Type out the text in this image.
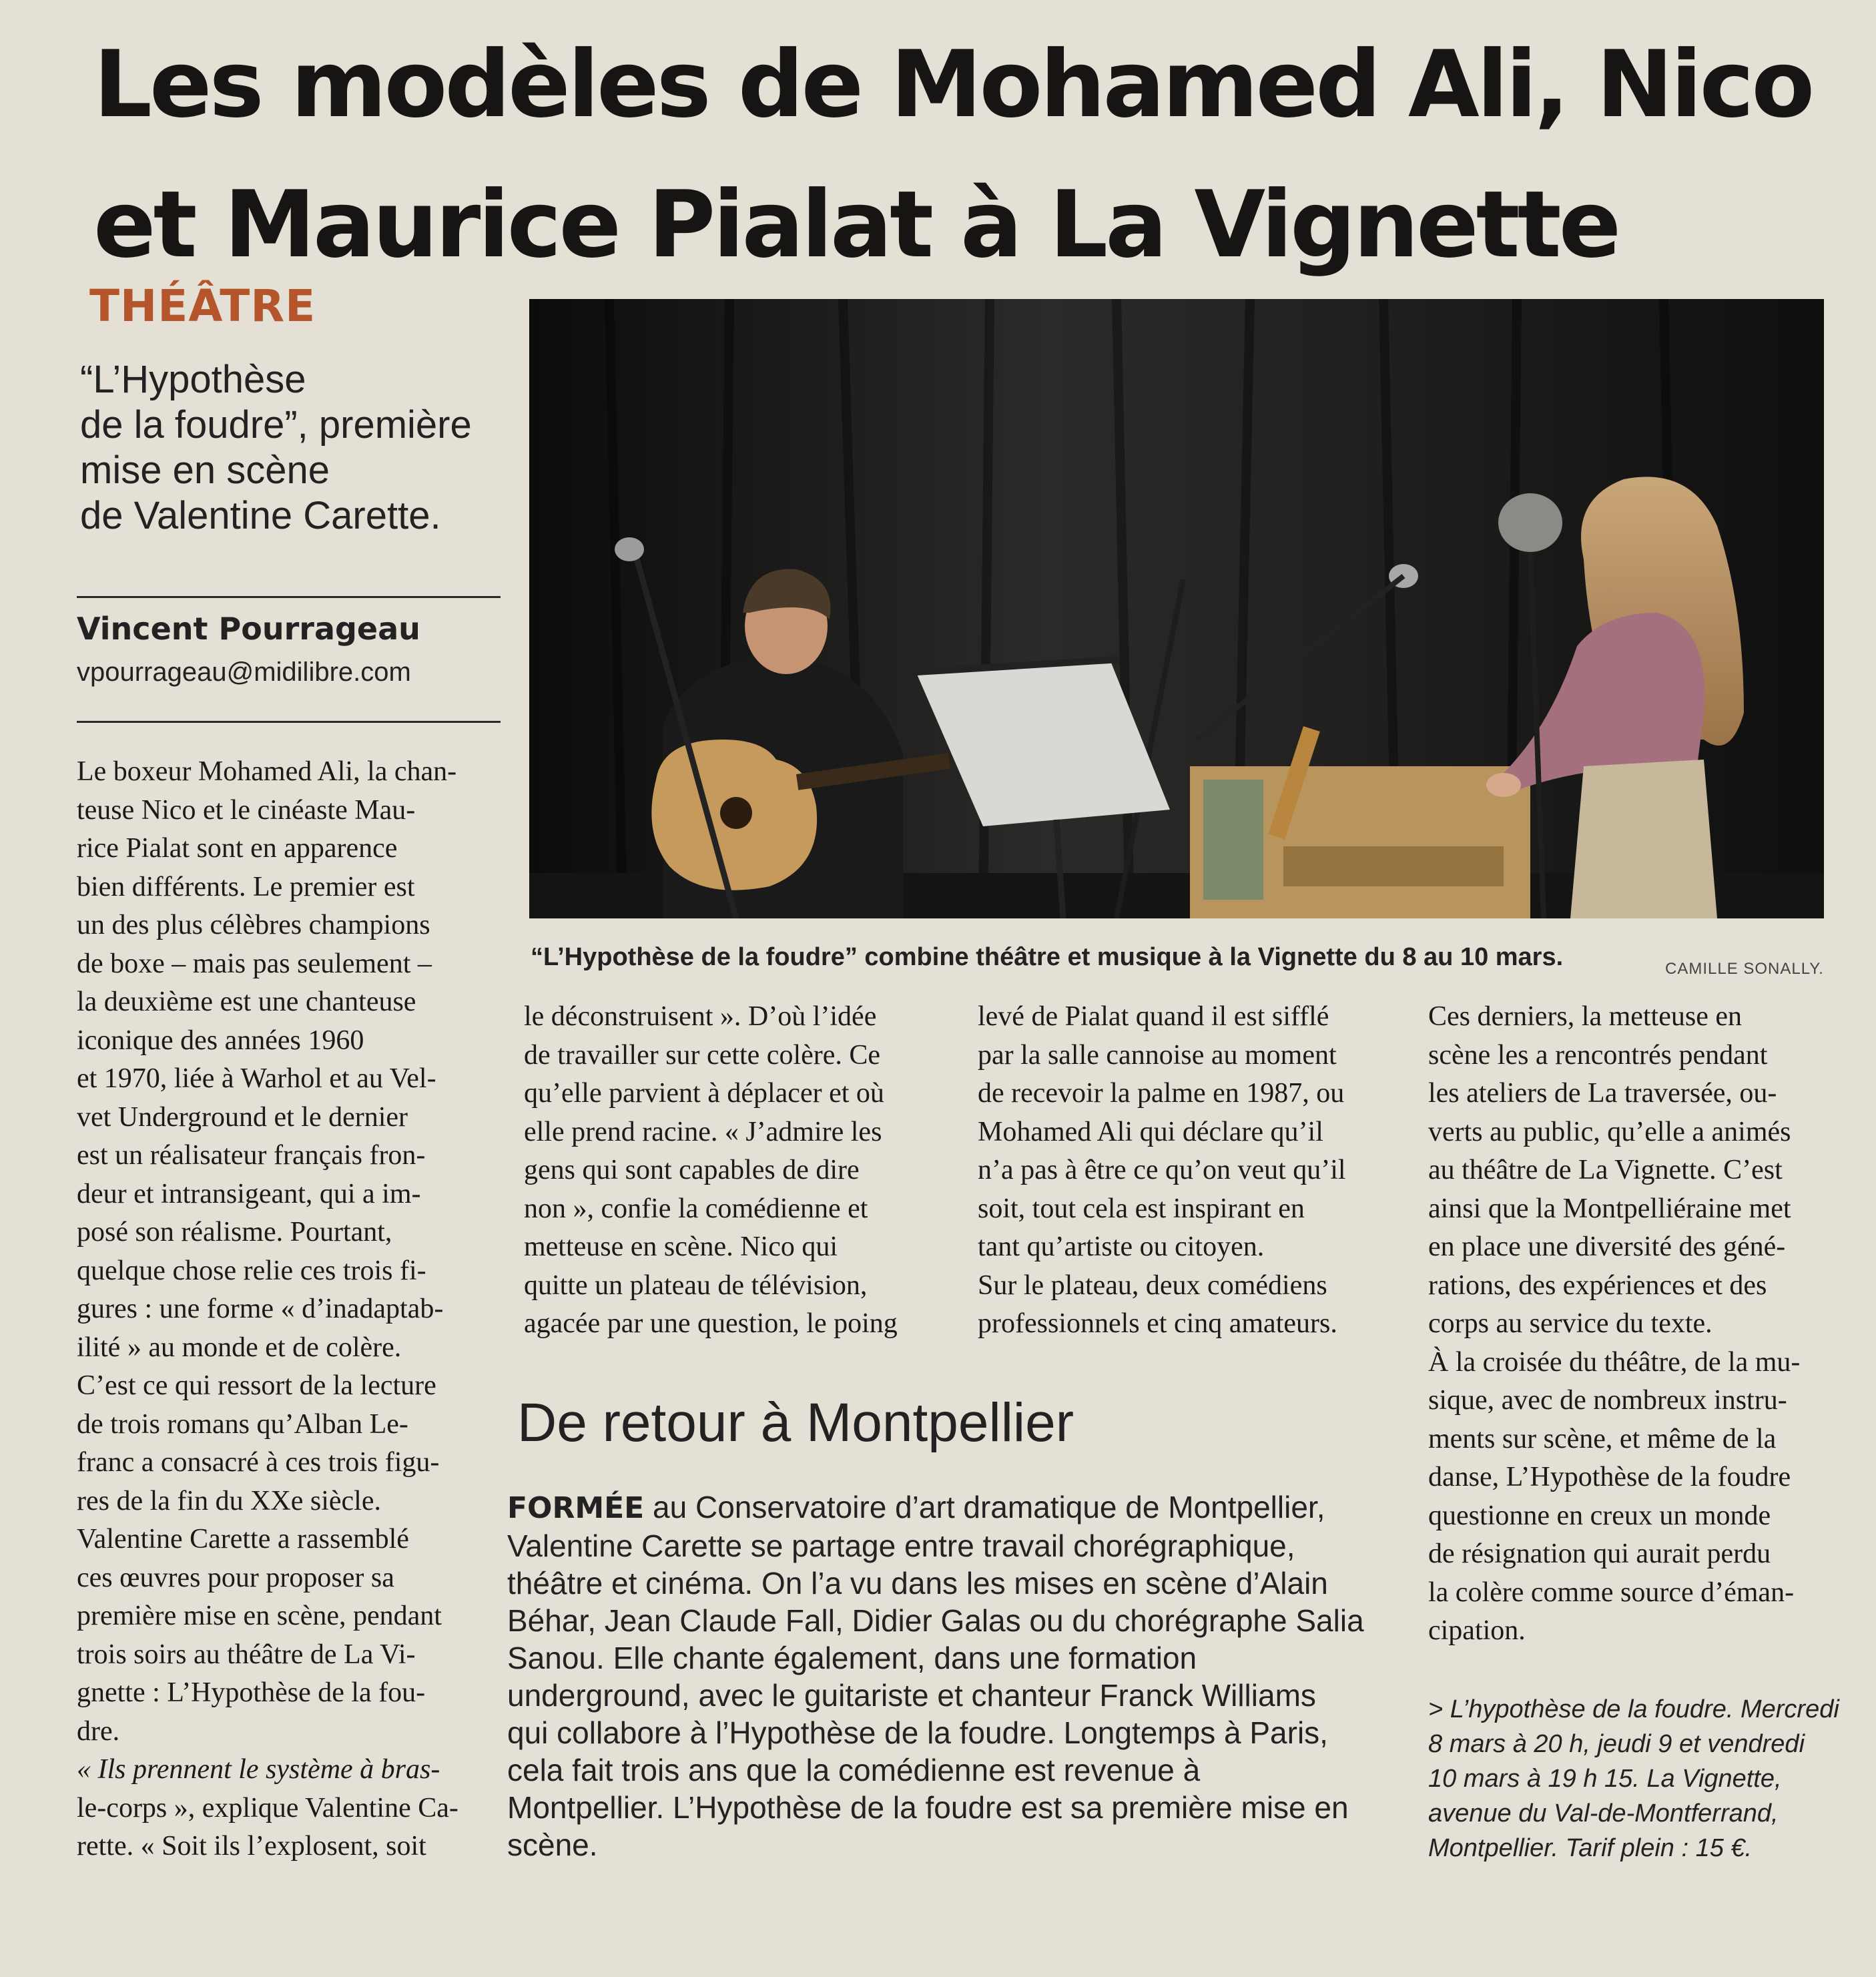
Les modèles de Mohamed Ali, Nico
et Maurice Pialat à La Vignette
THÉÂTRE
“L’Hypothèse
de la foudre”, première
mise en scène
de Valentine Carette.
Vincent Pourrageau
vpourrageau@midilibre.com
“L’Hypothèse de la foudre” combine théâtre et musique à la Vignette du 8 au 10 mars.	CAMILLE SONALLY.
Le boxeur Mohamed Ali, la chan-
teuse Nico et le cinéaste Mau-
rice Pialat sont en apparence
bien différents. Le premier est
un des plus célèbres champions
de boxe – mais pas seulement –
la deuxième est une chanteuse
iconique des années 1960
et 1970, liée à Warhol et au Vel-
vet Underground et le dernier
est un réalisateur français fron-
deur et intransigeant, qui a im-
posé son réalisme. Pourtant,
quelque chose relie ces trois fi-
gures : une forme « d’inadaptab-
ilité » au monde et de colère.
C’est ce qui ressort de la lecture
de trois romans qu’Alban Le-
franc a consacré à ces trois figu-
res de la fin du XXe siècle.
Valentine Carette a rassemblé
ces œuvres pour proposer sa
première mise en scène, pendant
trois soirs au théâtre de La Vi-
gnette : L’Hypothèse de la fou-
dre.
« Ils prennent le système à bras-
le-corps », explique Valentine Ca-
rette. « Soit ils l’explosent, soit
le déconstruisent ». D’où l’idée
de travailler sur cette colère. Ce
qu’elle parvient à déplacer et où
elle prend racine. « J’admire les
gens qui sont capables de dire
non », confie la comédienne et
metteuse en scène. Nico qui
quitte un plateau de télévision,
agacée par une question, le poing
levé de Pialat quand il est sifflé
par la salle cannoise au moment
de recevoir la palme en 1987, ou
Mohamed Ali qui déclare qu’il
n’a pas à être ce qu’on veut qu’il
soit, tout cela est inspirant en
tant qu’artiste ou citoyen.
Sur le plateau, deux comédiens
professionnels et cinq amateurs.
Ces derniers, la metteuse en
scène les a rencontrés pendant
les ateliers de La traversée, ou-
verts au public, qu’elle a animés
au théâtre de La Vignette. C’est
ainsi que la Montpelliéraine met
en place une diversité des géné-
rations, des expériences et des
corps au service du texte.
À la croisée du théâtre, de la mu-
sique, avec de nombreux instru-
ments sur scène, et même de la
danse, L’Hypothèse de la foudre
questionne en creux un monde
de résignation qui aurait perdu
la colère comme source d’éman-
cipation.
De retour à Montpellier
FORMÉE au Conservatoire d’art dramatique de Montpellier,
Valentine Carette se partage entre travail chorégraphique,
théâtre et cinéma. On l’a vu dans les mises en scène d’Alain
Béhar, Jean Claude Fall, Didier Galas ou du chorégraphe Salia
Sanou. Elle chante également, dans une formation
underground, avec le guitariste et chanteur Franck Williams
qui collabore à l’Hypothèse de la foudre. Longtemps à Paris,
cela fait trois ans que la comédienne est revenue à
Montpellier. L’Hypothèse de la foudre est sa première mise en
scène.
> L’hypothèse de la foudre. Mercredi
8 mars à 20 h, jeudi 9 et vendredi
10 mars à 19 h 15. La Vignette,
avenue du Val-de-Montferrand,
Montpellier. Tarif plein : 15 €.
